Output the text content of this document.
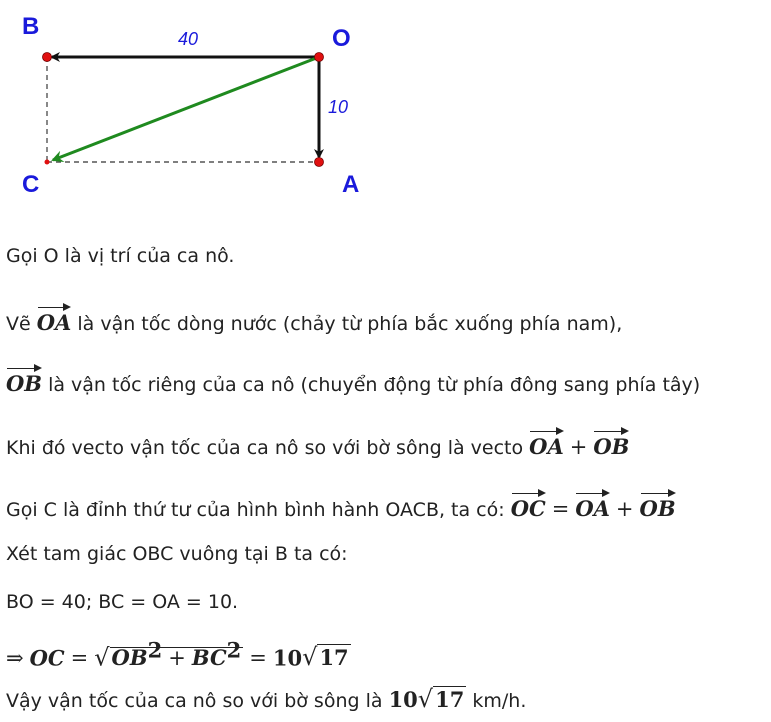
B	O
C	A
40
10
Gọi O là vị trí của ca nô.
Vẽ OA là vận tốc dòng nước (chảy từ phía bắc xuống phía nam),
OB là vận tốc riêng của ca nô (chuyển động từ phía đông sang phía tây)
Khi đó vecto vận tốc của ca nô so với bờ sông là vecto OA + OB
Gọi C là đỉnh thứ tư của hình bình hành OACB, ta có: OC = OA + OB
Xét tam giác OBC vuông tại B ta có:
BO = 40; BC = OA = 10.
⇒ OC = $√OB^2 + BC^2 = 10√17$
Vậy vận tốc của ca nô so với bờ sông là 10√17 km/h.
